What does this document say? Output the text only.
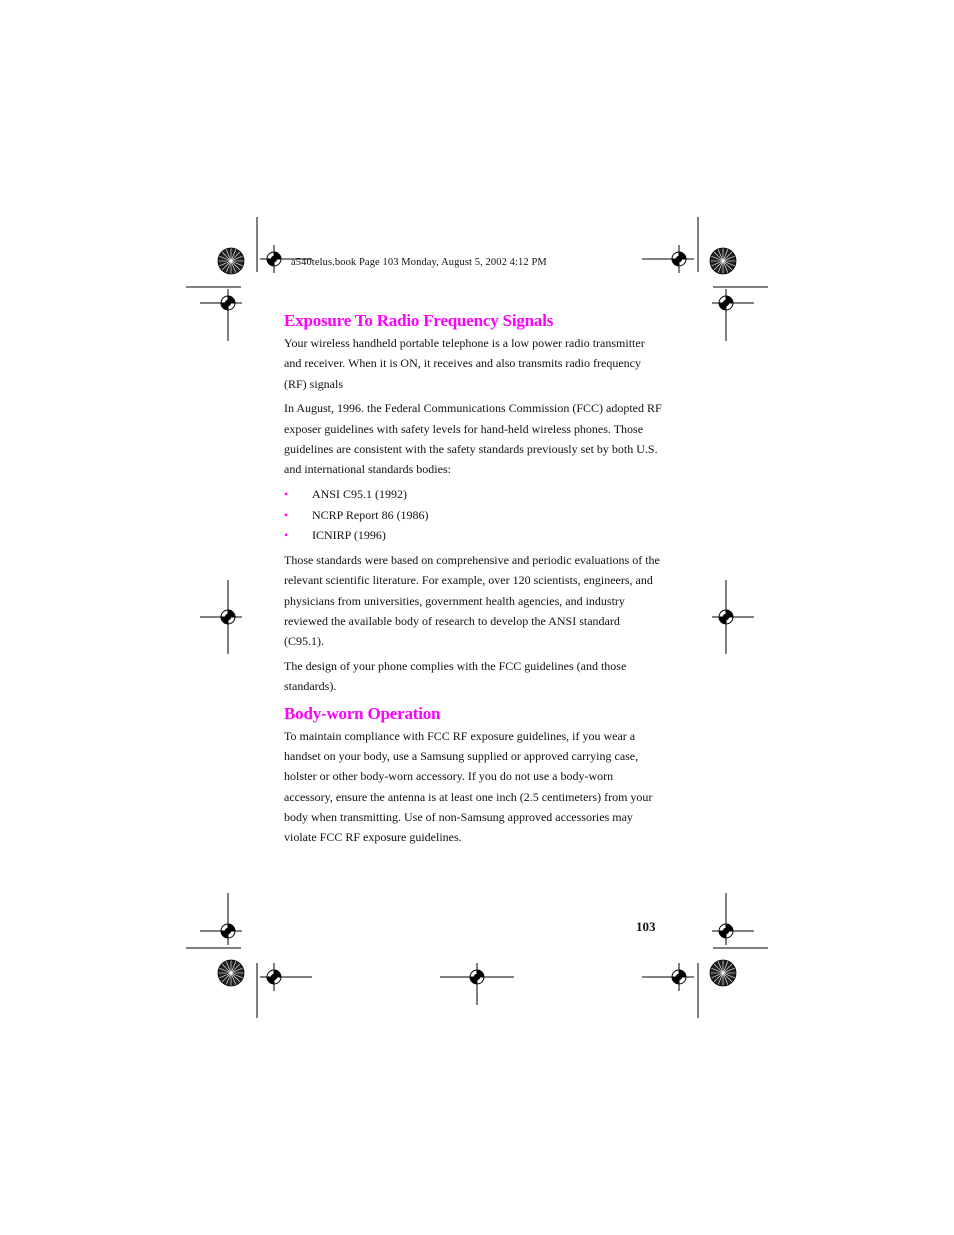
a540telus.book Page 103 Monday, August 5, 2002 4:12 PM
Exposure To Radio Frequency Signals

Your wireless handheld portable telephone is a low power radio transmitter and receiver. When it is ON, it receives and also transmits radio frequency (RF) signals

In August, 1996. the Federal Communications Commission (FCC) adopted RF exposer guidelines with safety levels for hand-held wireless phones. Those guidelines are consistent with the safety standards previously set by both U.S. and international standards bodies:

• ANSI C95.1 (1992)
• NCRP Report 86 (1986)
• ICNIRP (1996)

Those standards were based on comprehensive and periodic evaluations of the relevant scientific literature. For example, over 120 scientists, engineers, and physicians from universities, government health agencies, and industry reviewed the available body of research to develop the ANSI standard (C95.1).

The design of your phone complies with the FCC guidelines (and those standards).

Body-worn Operation

To maintain compliance with FCC RF exposure guidelines, if you wear a handset on your body, use a Samsung supplied or approved carrying case, holster or other body-worn accessory. If you do not use a body-worn accessory, ensure the antenna is at least one inch (2.5 centimeters) from your body when transmitting. Use of non-Samsung approved accessories may violate FCC RF exposure guidelines.

103
